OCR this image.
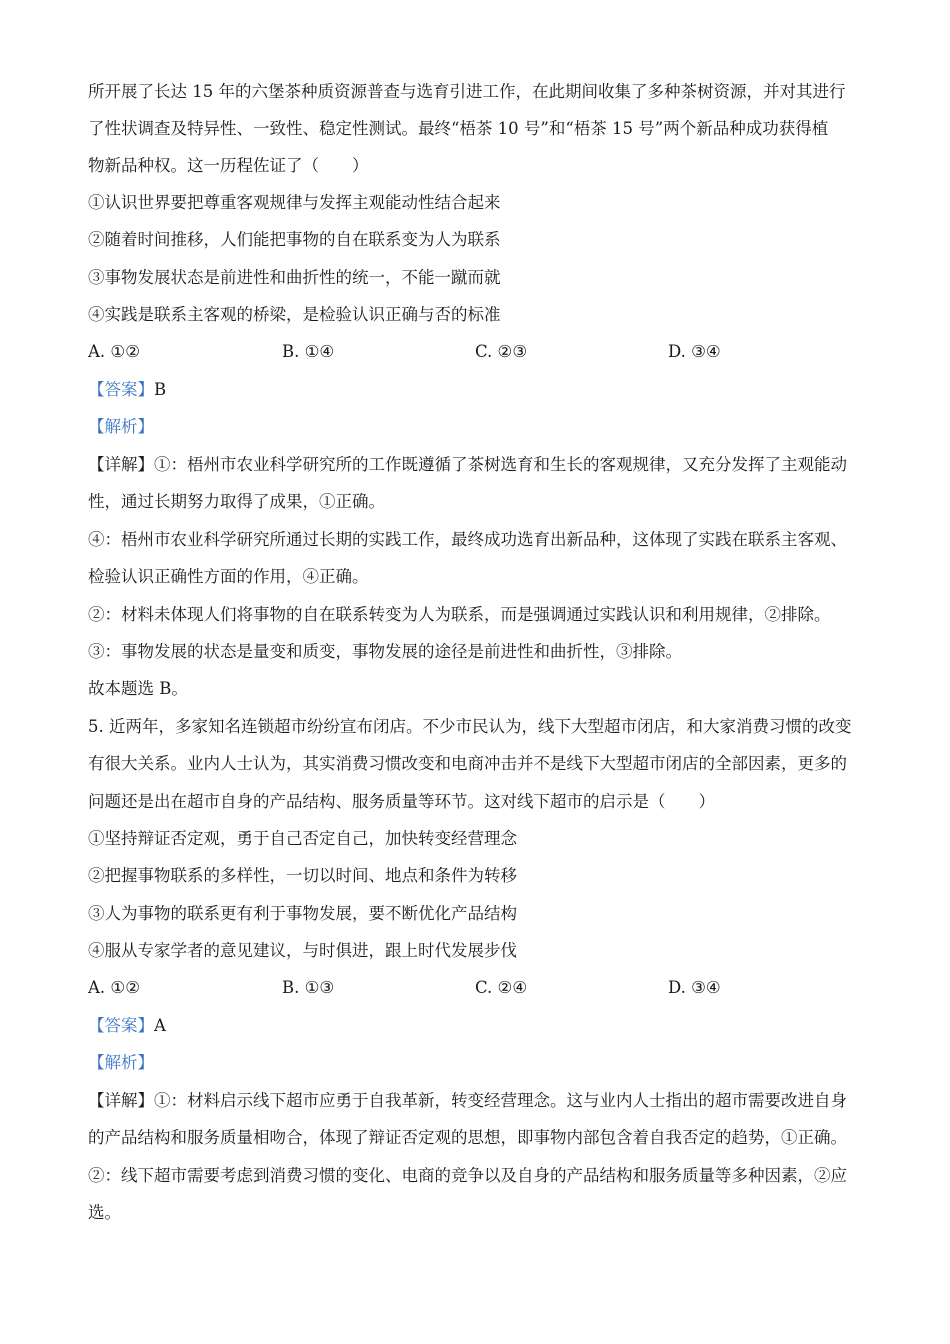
所开展了长达 15 年的六堡茶种质资源普查与选育引进工作，在此期间收集了多种茶树资源，并对其进行
了性状调查及特异性、一致性、稳定性测试。最终“梧茶 10 号”和“梧茶 15 号”两个新品种成功获得植
物新品种权。这一历程佐证了（　　）
①认识世界要把尊重客观规律与发挥主观能动性结合起来
②随着时间推移，人们能把事物的自在联系变为人为联系
③事物发展状态是前进性和曲折性的统一，不能一蹴而就
④实践是联系主客观的桥梁，是检验认识正确与否的标准
A. ①②	B. ①④	C. ②③	D. ③④
【答案】B
【解析】
【详解】①：梧州市农业科学研究所的工作既遵循了茶树选育和生长的客观规律，又充分发挥了主观能动
性，通过长期努力取得了成果，①正确。
④：梧州市农业科学研究所通过长期的实践工作，最终成功选育出新品种，这体现了实践在联系主客观、
检验认识正确性方面的作用，④正确。
②：材料未体现人们将事物的自在联系转变为人为联系，而是强调通过实践认识和利用规律，②排除。
③：事物发展的状态是量变和质变，事物发展的途径是前进性和曲折性，③排除。
故本题选 B。
5. 近两年，多家知名连锁超市纷纷宣布闭店。不少市民认为，线下大型超市闭店，和大家消费习惯的改变
有很大关系。业内人士认为，其实消费习惯改变和电商冲击并不是线下大型超市闭店的全部因素，更多的
问题还是出在超市自身的产品结构、服务质量等环节。这对线下超市的启示是（　　）
①坚持辩证否定观，勇于自己否定自己，加快转变经营理念
②把握事物联系的多样性，一切以时间、地点和条件为转移
③人为事物的联系更有利于事物发展，要不断优化产品结构
④服从专家学者的意见建议，与时俱进，跟上时代发展步伐
A. ①②	B. ①③	C. ②④	D. ③④
【答案】A
【解析】
【详解】①：材料启示线下超市应勇于自我革新，转变经营理念。这与业内人士指出的超市需要改进自身
的产品结构和服务质量相吻合，体现了辩证否定观的思想，即事物内部包含着自我否定的趋势，①正确。
②：线下超市需要考虑到消费习惯的变化、电商的竞争以及自身的产品结构和服务质量等多种因素，②应
选。
